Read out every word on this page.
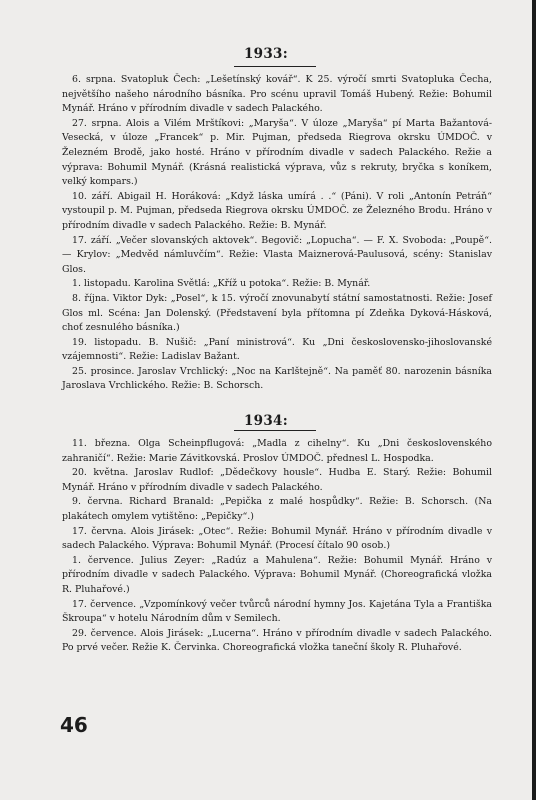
1933:

6. srpna. Svatopluk Čech: „Lešetínský kovář“. K 25. výročí smrti Svatopluka Čecha, největšího našeho národního básníka. Pro scénu upravil Tomáš Hubený. Režie: Bohumil Mynář. Hráno v přírodním divadle v sadech Palackého.

27. srpna. Alois a Vilém Mrštíkovi: „Maryša“. V úloze „Maryša“ pí Marta Bažantová-Vesecká, v úloze „Francek“ p. Mir. Pujman, předseda Riegrova okrsku ÚMDOČ. v Železném Brodě, jako hosté. Hráno v přírodním divadle v sadech Palackého. Režie a výprava: Bohumil Mynář. (Krásná realistická výprava, vůz s rekruty, bryčka s koníkem, velký kompars.)

10. září. Abigail H. Horáková: „Když láska umírá . .“ (Páni). V roli „Antonín Petráň“ vystoupil p. M. Pujman, předseda Riegrova okrsku ÚMDOČ. ze Železného Brodu. Hráno v přírodním divadle v sadech Palackého. Režie: B. Mynář.

17. září. „Večer slovanských aktovek“. Begovič: „Lopucha“. — F. X. Svoboda: „Poupě“. — Krylov: „Medvěd námluvčím“. Režie: Vlasta Maiznerová-Paulusová, scény: Stanislav Glos.

1. listopadu. Karolina Světlá: „Kříž u potoka“. Režie: B. Mynář.

8. října. Viktor Dyk: „Posel“, k 15. výročí znovunabytí státní samostatnosti. Režie: Josef Glos ml. Scéna: Jan Dolenský. (Představení byla přítomna pí Zdeňka Dyková-Hásková, choť zesnulého básníka.)

19. listopadu. B. Nušič: „Paní ministrová“. Ku „Dni československo-jihoslovanské vzájemnosti“. Režie: Ladislav Bažant.

25. prosince. Jaroslav Vrchlický: „Noc na Karlštejně“. Na paměť 80. narozenin básníka Jaroslava Vrchlického. Režie: B. Schorsch.

1934:

11. března. Olga Scheinpflugová: „Madla z cihelny“. Ku „Dni československého zahraničí“. Režie: Marie Závitkovská. Proslov ÚMDOČ. přednesl L. Hospodka.

20. května. Jaroslav Rudlof: „Dědečkovy housle“. Hudba E. Starý. Režie: Bohumil Mynář. Hráno v přírodním divadle v sadech Palackého.

9. června. Richard Branald: „Pepička z malé hospůdky“. Režie: B. Schorsch. (Na plakátech omylem vytištěno: „Pepičky“.)

17. června. Alois Jirásek: „Otec“. Režie: Bohumil Mynář. Hráno v přírodním divadle v sadech Palackého. Výprava: Bohumil Mynář. (Procesí čítalo 90 osob.)

1. července. Julius Zeyer: „Radúz a Mahulena“. Režie: Bohumil Mynář. Hráno v přírodním divadle v sadech Palackého. Výprava: Bohumil Mynář. (Choreografická vložka R. Pluhařové.)

17. července. „Vzpomínkový večer tvůrců národní hymny Jos. Kajetána Tyla a Františka Škroupa“ v hotelu Národním dům v Semilech.

29. července. Alois Jirásek: „Lucerna“. Hráno v přírodním divadle v sadech Palackého. Po prvé večer. Režie K. Červinka. Choreografická vložka taneční školy R. Pluhařové.

46
